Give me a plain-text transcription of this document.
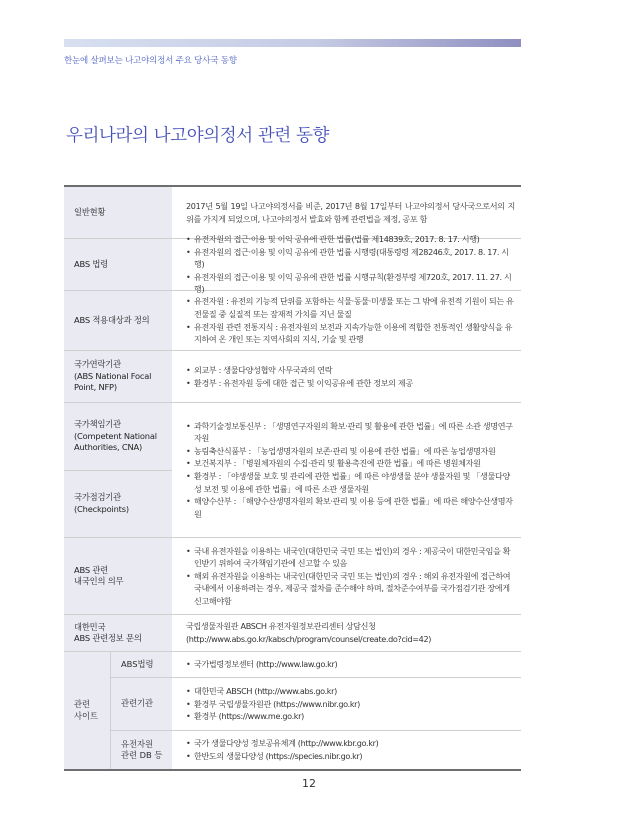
한눈에 살펴보는 나고야의정서 주요 당사국 동향
우리나라의 나고야의정서 관련 동향
일반현황

2017년 5월 19일 나고야의정서를 비준, 2017년 8월 17일부터 나고야의정서 당사국으로서의 지위를 가지게 되었으며, 나고야의정서 발효와 함께 관련법을 제정, 공포 함

ABS 법령
• 유전자원의 접근·이용 및 이익 공유에 관한 법률(법률 제14839호, 2017. 8. 17. 시행)
• 유전자원의 접근·이용 및 이익 공유에 관한 법률 시행령(대통령령 제28246호, 2017. 8. 17. 시행)
• 유전자원의 접근·이용 및 이익 공유에 관한 법률 시행규칙(환경부령 제720호, 2017. 11. 27. 시행)
ABS 적용대상과 정의
• 유전자원 : 유전의 기능적 단위를 포함하는 식물·동물·미생물 또는 그 밖에 유전적 기원이 되는 유전물질 중 실질적 또는 잠재적 가치를 지닌 물질
• 유전자원 관련 전통지식 : 유전자원의 보전과 지속가능한 이용에 적합한 전통적인 생활양식을 유지하여 온 개인 또는 지역사회의 지식, 기술 및 관행
국가연락기관
(ABS National Focal
Point, NFP)
• 외교부 : 생물다양성협약 사무국과의 연락
• 환경부 : 유전자원 등에 대한 접근 및 이익공유에 관한 정보의 제공
국가책임기관
(Competent National
Authorities, CNA)
국가점검기관
(Checkpoints)
• 과학기술정보통신부 : 「생명연구자원의 확보·관리 및 활용에 관한 법률」에 따른 소관 생명연구자원
• 농림축산식품부 : 「농업생명자원의 보존·관리 및 이용에 관한 법률」에 따른 농업생명자원
• 보건복지부 : 「병원체자원의 수집·관리 및 활용촉진에 관한 법률」에 따른 병원체자원
• 환경부 : 「야생생물 보호 및 관리에 관한 법률」에 따른 야생생물 분야 생물자원 및 「생물다양성 보전 및 이용에 관한 법률」에 따른 소관 생물자원
• 해양수산부 : 「해양수산생명자원의 확보·관리 및 이용 등에 관한 법률」에 따른 해양수산생명자원
ABS 관련
내국인의 의무
• 국내 유전자원을 이용하는 내국인(대한민국 국민 또는 법인)의 경우 : 제공국이 대한민국임을 확인받기 위하여 국가책임기관에 신고할 수 있음
• 해외 유전자원을 이용하는 내국인(대한민국 국민 또는 법인)의 경우 : 해외 유전자원에 접근하여 국내에서 이용하려는 경우, 제공국 절차를 준수해야 하며, 절차준수여부를 국가점검기관 장에게 신고해야함
대한민국
ABS 관련정보 문의

국립생물자원관 ABSCH 유전자원정보관리센터 상담신청

(http://www.abs.go.kr/kabsch/program/counsel/create.do?cid=42)

관련
사이트
ABS법령
•	국가법령정보센터 (http://www.law.go.kr)
관련기관
• 대한민국 ABSCH (http://www.abs.go.kr)
• 환경부 국립생물자원관 (https://www.nibr.go.kr)
• 환경부 (https://www.me.go.kr)
유전자원
관련 DB 등
• 국가 생물다양성 정보공유체계 (http://www.kbr.go.kr)
• 한반도의 생물다양성 (https://species.nibr.go.kr)
12
